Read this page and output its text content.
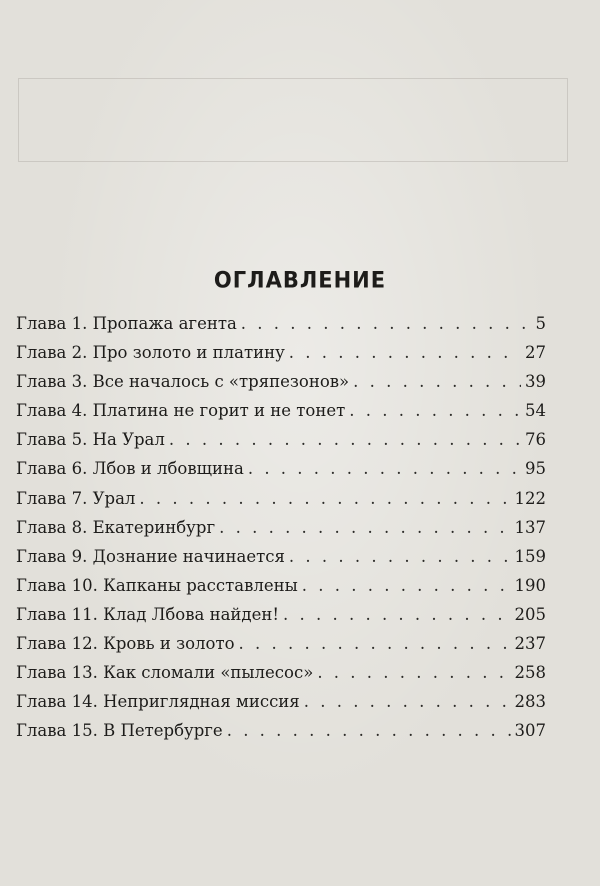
ОГЛАВЛЕНИЕ
Глава 1. Пропажа агента . . .	5
Глава 2. Про золото и платину . . .	27
Глава 3. Все началось с «тряпезонов» . . .	39
Глава 4. Платина не горит и не тонет . . .	54
Глава 5. На Урал . . .	76
Глава 6. Лбов и лбовщина . . .	95
Глава 7. Урал . . .	122
Глава 8. Екатеринбург . . .	137
Глава 9. Дознание начинается . . .	159
Глава 10. Капканы расставлены . . .	190
Глава 11. Клад Лбова найден! . . .	205
Глава 12. Кровь и золото . . .	237
Глава 13. Как сломали «пылесос» . . .	258
Глава 14. Неприглядная миссия . . .	283
Глава 15. В Петербурге . . .	307
